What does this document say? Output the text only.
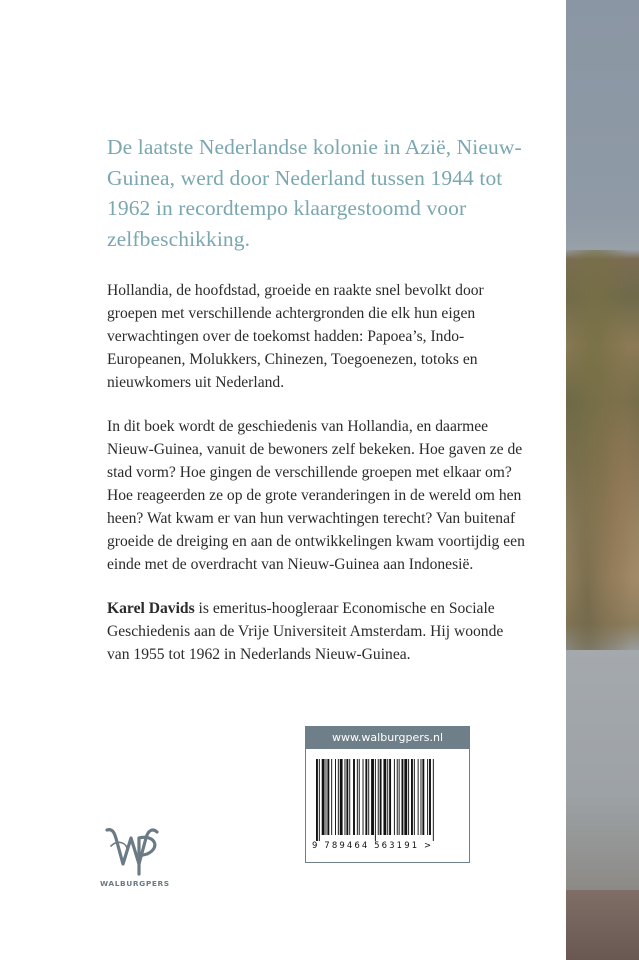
De laatste Nederlandse kolonie in Azië, Nieuw-Guinea, werd door Nederland tussen 1944 tot 1962 in recordtempo klaargestoomd voor zelfbeschikking.

Hollandia, de hoofdstad, groeide en raakte snel bevolkt door groepen met verschillende achtergronden die elk hun eigen verwachtingen over de toekomst hadden: Papoea’s, Indo-Europeanen, Molukkers, Chinezen, Toegoenezen, totoks en nieuwkomers uit Nederland.

In dit boek wordt de geschiedenis van Hollandia, en daarmee Nieuw-Guinea, vanuit de bewoners zelf bekeken. Hoe gaven ze de stad vorm? Hoe gingen de verschillende groepen met elkaar om? Hoe reageerden ze op de grote veranderingen in de wereld om hen heen? Wat kwam er van hun verwachtingen terecht? Van buitenaf groeide de dreiging en aan de ontwikkelingen kwam voortijdig een einde met de overdracht van Nieuw-Guinea aan Indonesië.

Karel Davids is emeritus-hoogleraar Economische en Sociale Geschiedenis aan de Vrije Universiteit Amsterdam. Hij woonde van 1955 tot 1962 in Nederlands Nieuw-Guinea.

www.walburgpers.nl
9 789464 563191 >
WALBURGPERS
